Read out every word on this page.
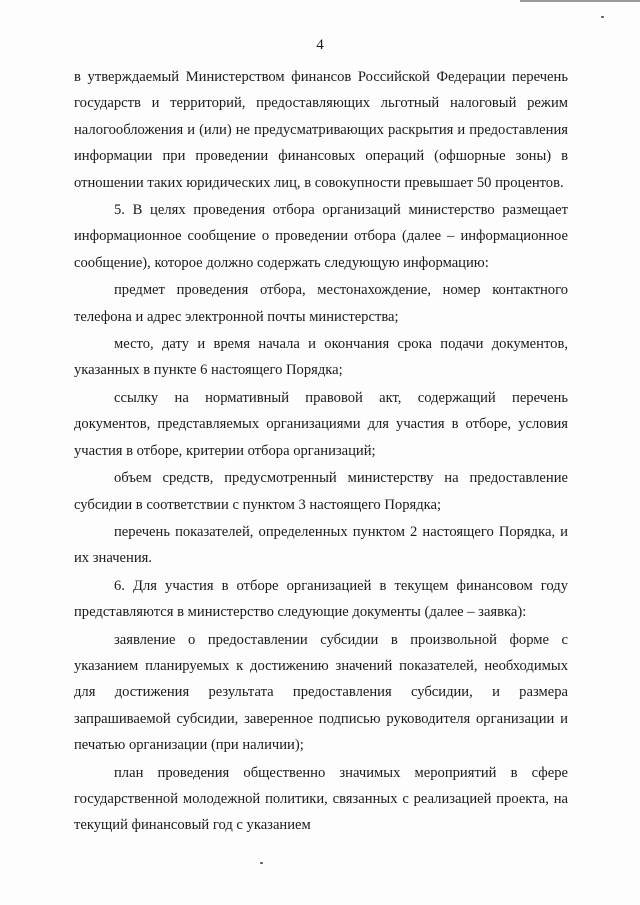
4

в утверждаемый Министерством финансов Российской Федерации перечень государств и территорий, предоставляющих льготный налоговый режим налогообложения и (или) не предусматривающих раскрытия и предоставления информации при проведении финансовых операций (офшорные зоны) в отношении таких юридических лиц, в совокупности превышает 50 процентов.

5. В целях проведения отбора организаций министерство размещает информационное сообщение о проведении отбора (далее – информационное сообщение), которое должно содержать следующую информацию:

предмет проведения отбора, местонахождение, номер контактного телефона и адрес электронной почты министерства;

место, дату и время начала и окончания срока подачи документов, указанных в пункте 6 настоящего Порядка;

ссылку на нормативный правовой акт, содержащий перечень документов, представляемых организациями для участия в отборе, условия участия в отборе, критерии отбора организаций;

объем средств, предусмотренный министерству на предоставление субсидии в соответствии с пунктом 3 настоящего Порядка;

перечень показателей, определенных пунктом 2 настоящего Порядка, и их значения.

6. Для участия в отборе организацией в текущем финансовом году представляются в министерство следующие документы (далее – заявка):

заявление о предоставлении субсидии в произвольной форме с указанием планируемых к достижению значений показателей, необходимых для достижения результата предоставления субсидии, и размера запрашиваемой субсидии, заверенное подписью руководителя организации и печатью организации (при наличии);

план проведения общественно значимых мероприятий в сфере государственной молодежной политики, связанных с реализацией проекта, на текущий финансовый год с указанием
